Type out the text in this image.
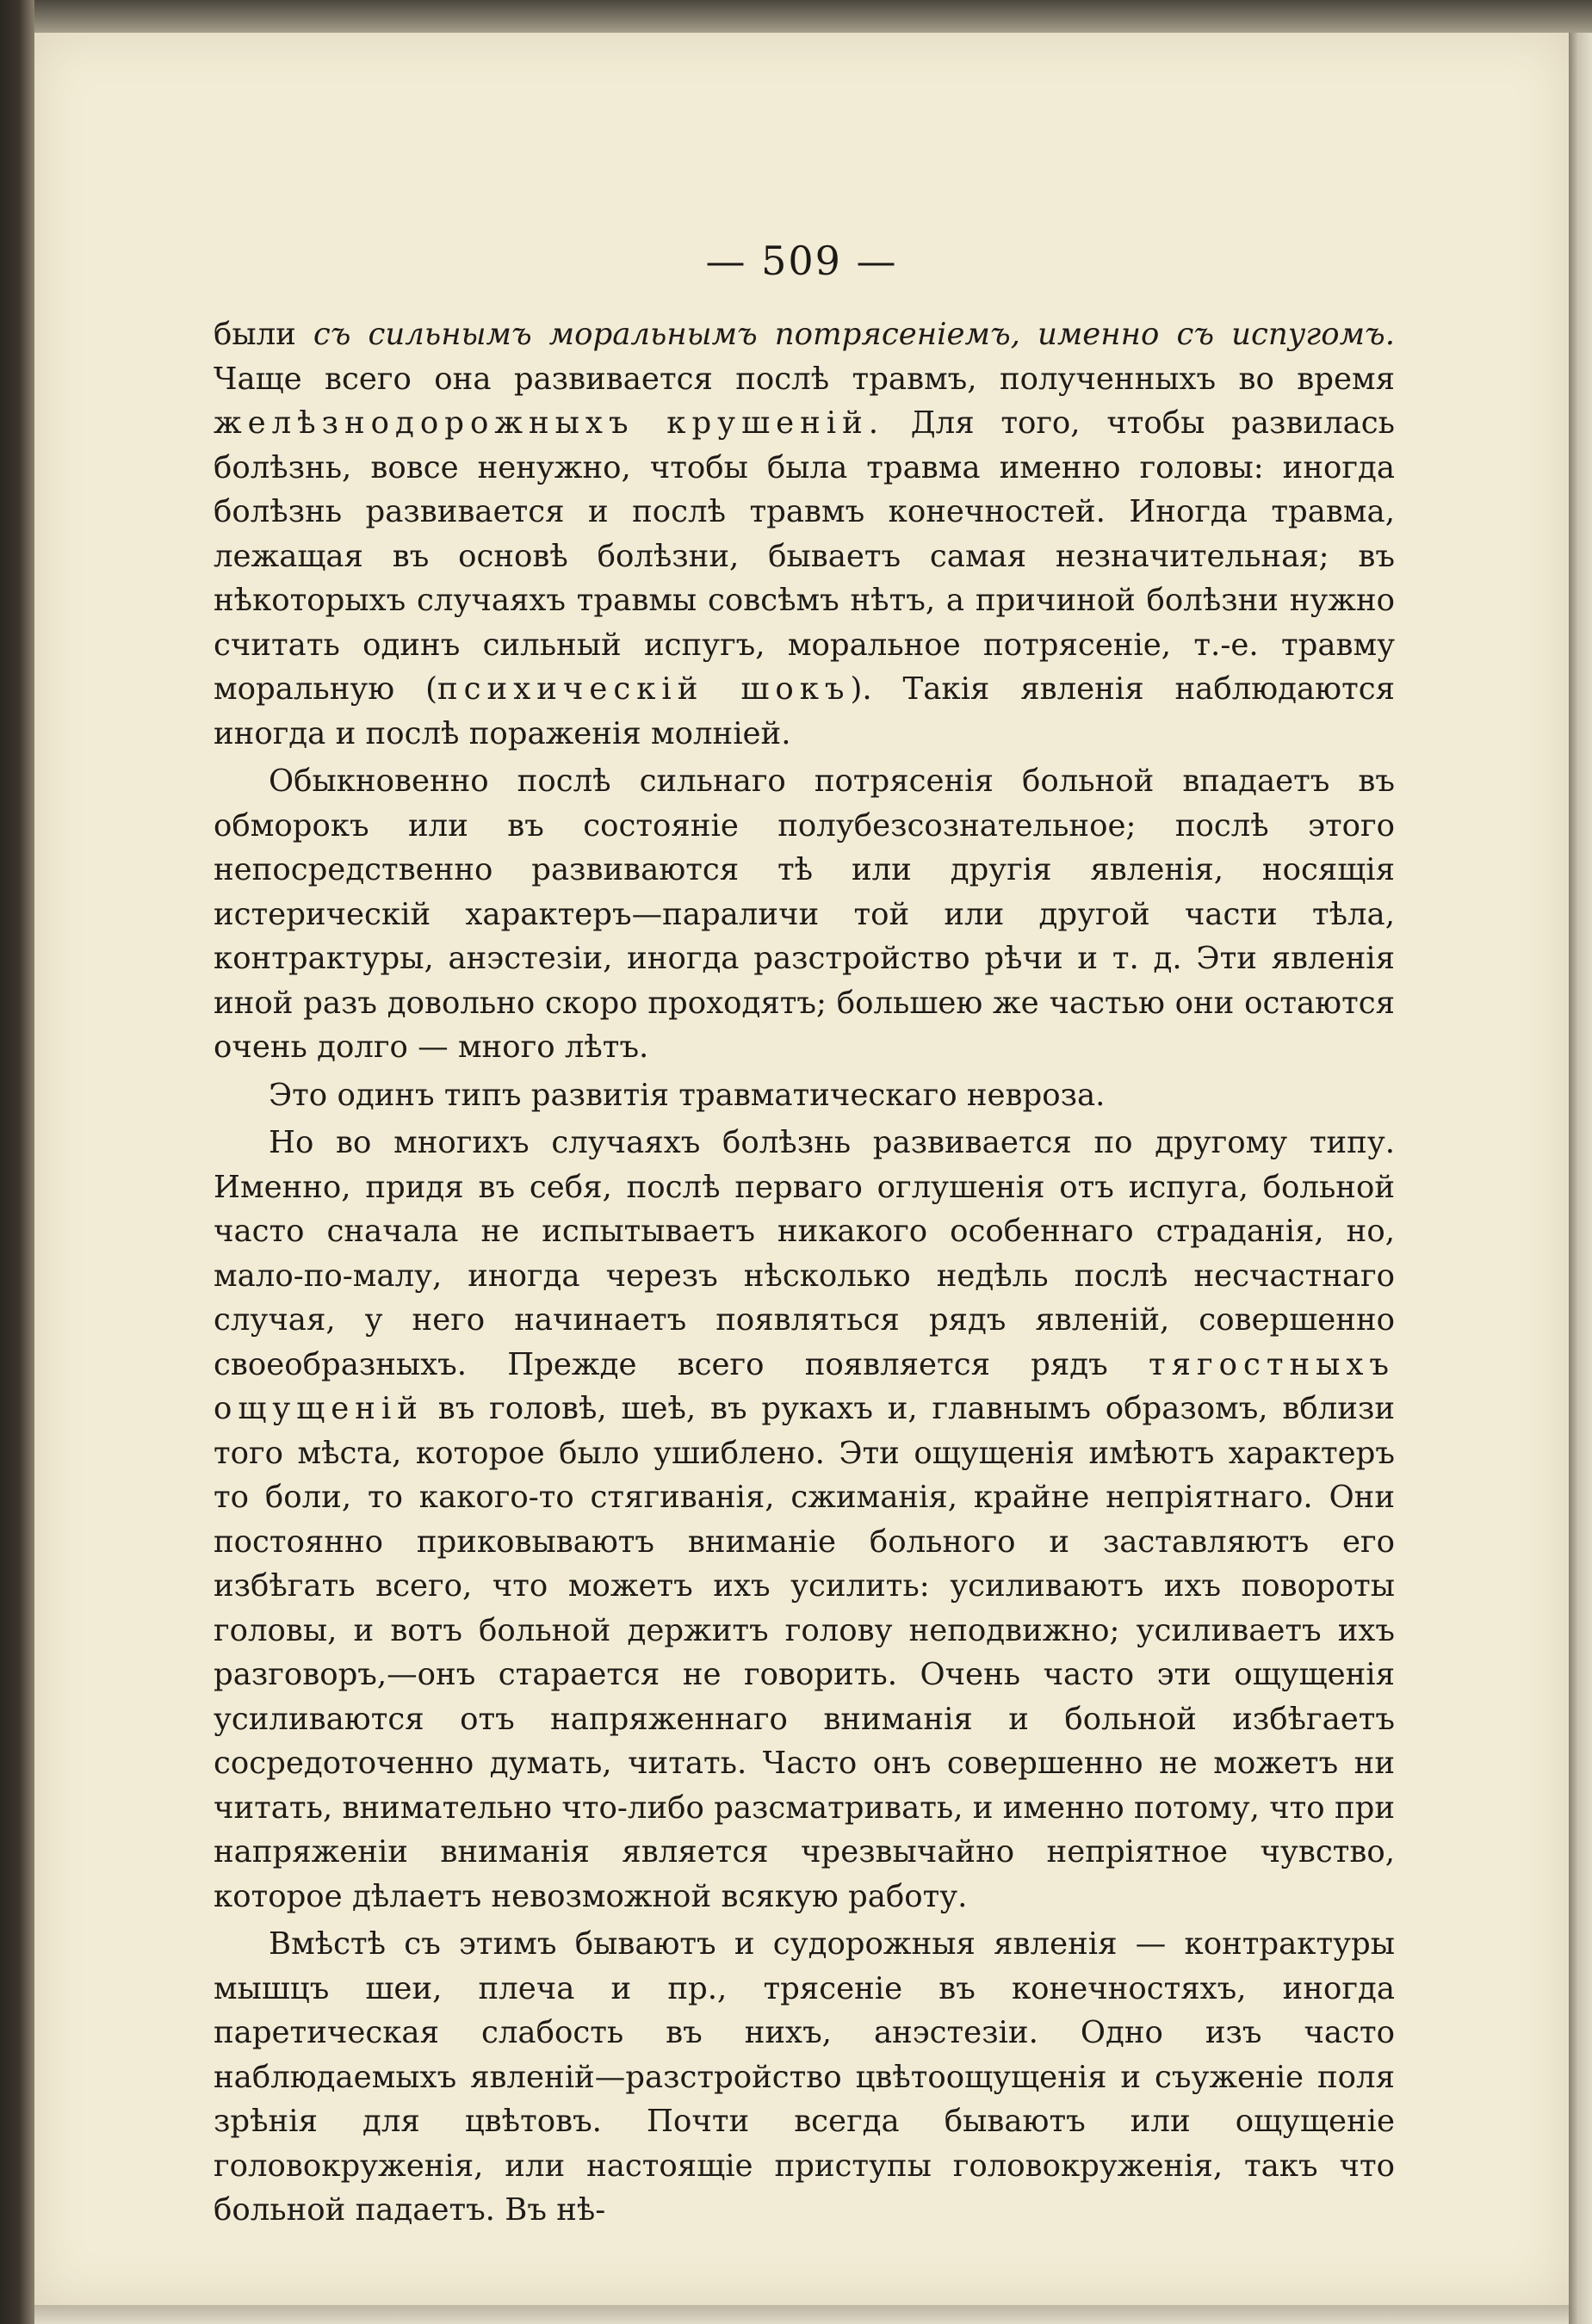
— 509 —

были съ сильнымъ моральнымъ потрясеніемъ, именно съ испугомъ. Чаще всего она развивается послѣ травмъ, полученныхъ во время желѣзнодорожныхъ крушеній. Для того, чтобы развилась болѣзнь, вовсе ненужно, чтобы была травма именно головы: иногда болѣзнь развивается и послѣ травмъ конечностей. Иногда травма, лежащая въ основѣ болѣзни, бываетъ самая незначительная; въ нѣкоторыхъ случаяхъ травмы совсѣмъ нѣтъ, а причиной болѣзни нужно считать одинъ сильный испугъ, моральное потрясеніе, т.-е. травму моральную (психическій шокъ). Такія явленія наблюдаются иногда и послѣ пораженія молніей.

Обыкновенно послѣ сильнаго потрясенія больной впадаетъ въ обморокъ или въ состояніе полубезсознательное; послѣ этого непосредственно развиваются тѣ или другія явленія, носящія истерическій характеръ—параличи той или другой части тѣла, контрактуры, анэстезіи, иногда разстройство рѣчи и т. д. Эти явленія иной разъ довольно скоро проходятъ; большею же частью они остаются очень долго — много лѣтъ.

Это одинъ типъ развитія травматическаго невроза.

Но во многихъ случаяхъ болѣзнь развивается по другому типу. Именно, придя въ себя, послѣ перваго оглушенія отъ испуга, больной часто сначала не испытываетъ никакого особеннаго страданія, но, мало-по-малу, иногда черезъ нѣсколько недѣль послѣ несчастнаго случая, у него начинаетъ появляться рядъ явленій, совершенно своеобразныхъ. Прежде всего появляется рядъ тягостныхъ ощущеній въ головѣ, шеѣ, въ рукахъ и, главнымъ образомъ, вблизи того мѣста, которое было ушиблено. Эти ощущенія имѣютъ характеръ то боли, то какого-то стягиванія, сжиманія, крайне непріятнаго. Они постоянно приковываютъ вниманіе больного и заставляютъ его избѣгать всего, что можетъ ихъ усилить: усиливаютъ ихъ повороты головы, и вотъ больной держитъ голову неподвижно; усиливаетъ ихъ разговоръ,—онъ старается не говорить. Очень часто эти ощущенія усиливаются отъ напряженнаго вниманія и больной избѣгаетъ сосредоточенно думать, читать. Часто онъ совершенно не можетъ ни читать, внимательно что-либо разсматривать, и именно потому, что при напряженіи вниманія является чрезвычайно непріятное чувство, которое дѣлаетъ невозможной всякую работу.

Вмѣстѣ съ этимъ бываютъ и судорожныя явленія — контрактуры мышцъ шеи, плеча и пр., трясеніе въ конечностяхъ, иногда паретическая слабость въ нихъ, анэстезіи. Одно изъ часто наблюдаемыхъ явленій—разстройство цвѣтоощущенія и съуженіе поля зрѣнія для цвѣтовъ. Почти всегда бываютъ или ощущеніе головокруженія, или настоящіе приступы головокруженія, такъ что больной падаетъ. Въ нѣ-
